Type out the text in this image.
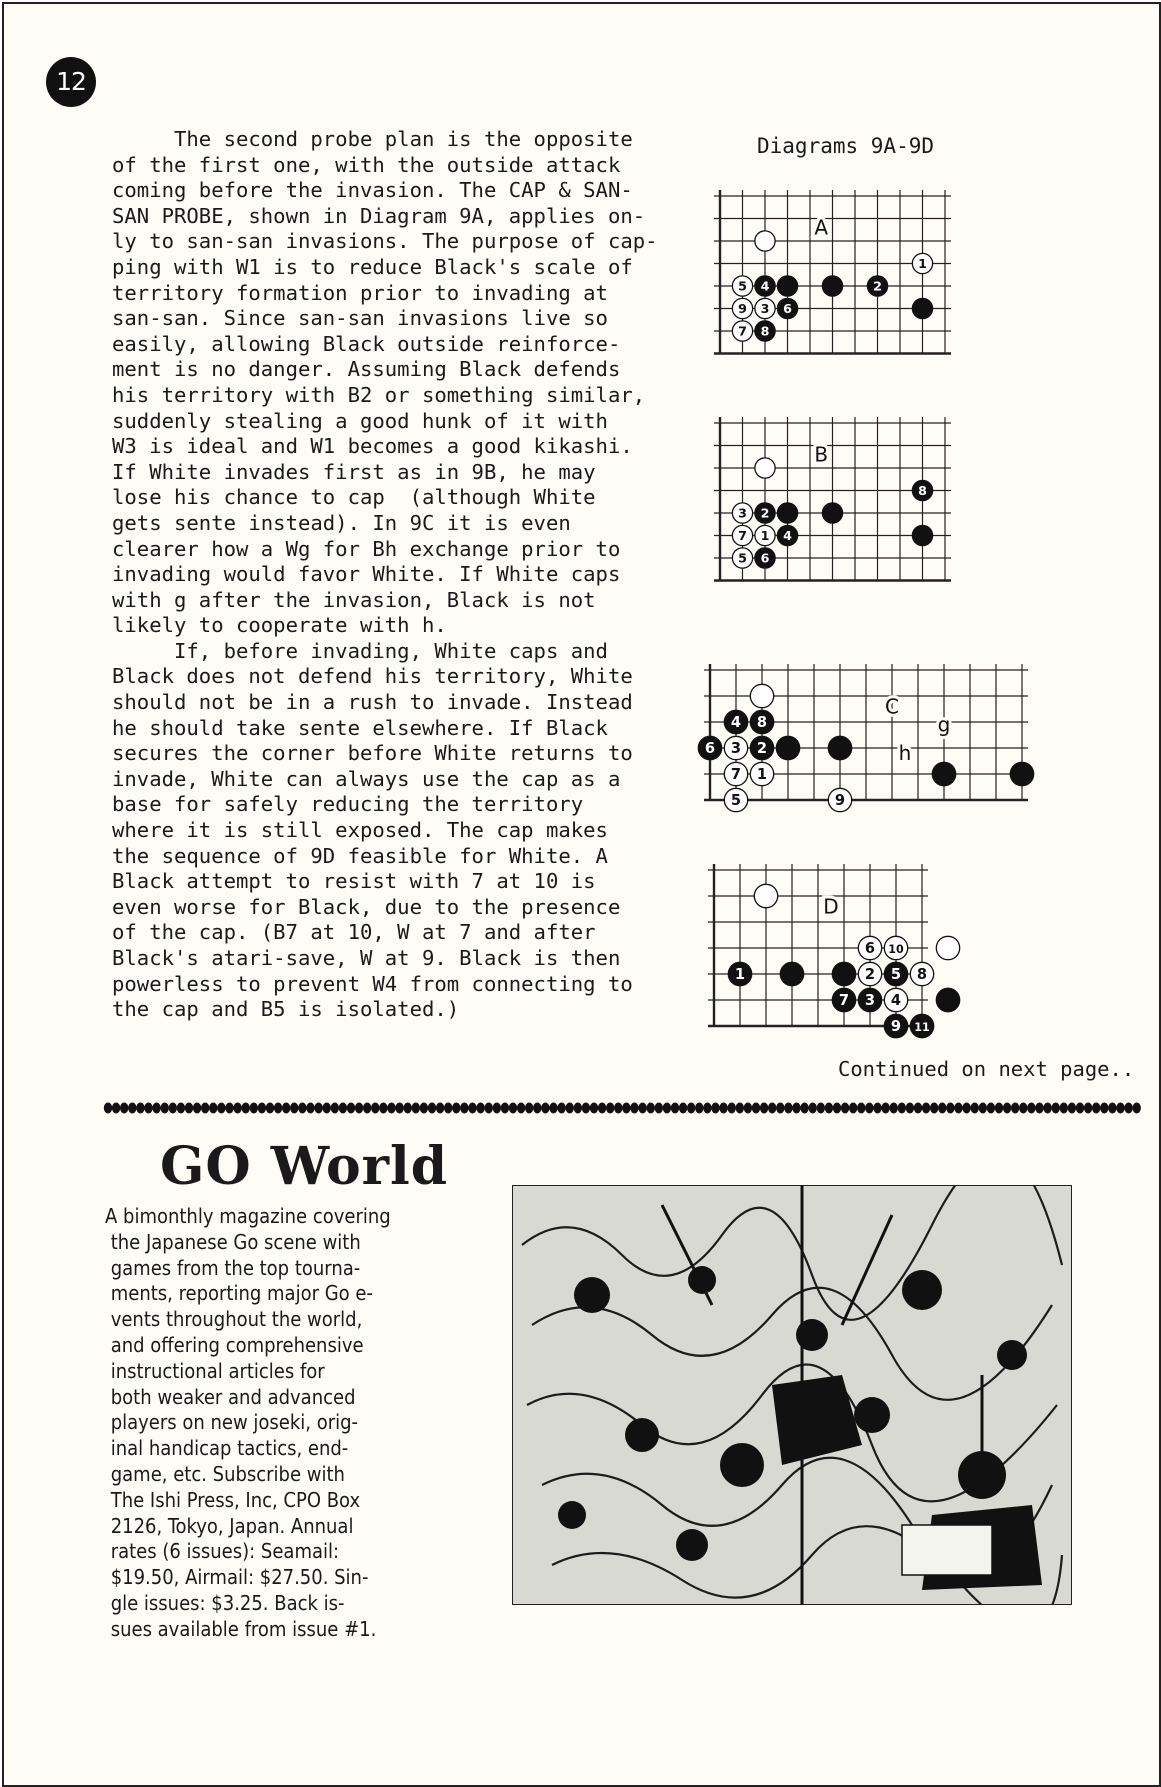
12
The second probe plan is the opposite
of the first one, with the outside attack
coming before the invasion. The CAP & SAN-
SAN PROBE, shown in Diagram 9A, applies on-
ly to san-san invasions. The purpose of cap-
ping with W1 is to reduce Black's scale of
territory formation prior to invading at
san-san. Since san-san invasions live so
easily, allowing Black outside reinforce-
ment is no danger. Assuming Black defends
his territory with B2 or something similar,
suddenly stealing a good hunk of it with
W3 is ideal and W1 becomes a good kikashi.
If White invades first as in 9B, he may
lose his chance to cap  (although White
gets sente instead). In 9C it is even
clearer how a Wg for Bh exchange prior to
invading would favor White. If White caps
with g after the invasion, Black is not
likely to cooperate with h.
If, before invading, White caps and
Black does not defend his territory, White
should not be in a rush to invade. Instead
he should take sente elsewhere. If Black
secures the corner before White returns to
invade, White can always use the cap as a
base for safely reducing the territory
where it is still exposed. The cap makes
the sequence of 9D feasible for White. A
Black attempt to resist with 7 at 10 is
even worse for Black, due to the presence
of the cap. (B7 at 10, W at 7 and after
Black's atari-save, W at 9. Black is then
powerless to prevent W4 from connecting to
the cap and B5 is isolated.)

Diagrams 9A-9D
1
2
3
4
5
6
7 8
9
A
1
2
3
4
5 6
7
8
B
1
2
3
4
5
6
7
8
9
C
g
h
1	2
3 4
5
6
7
8
9
10
11
D
Continued on next page..
GO World
A bimonthly magazine covering
the Japanese Go scene with
games from the top tourna-
ments, reporting major Go e-
vents throughout the world,
and offering comprehensive
instructional articles for
both weaker and advanced
players on new joseki, orig-
inal handicap tactics, end-
game, etc. Subscribe with
The Ishi Press, Inc, CPO Box
2126, Tokyo, Japan. Annual
rates (6 issues): Seamail:
$19.50, Airmail: $27.50. Sin-
gle issues: $3.25. Back is-
sues available from issue #1.
